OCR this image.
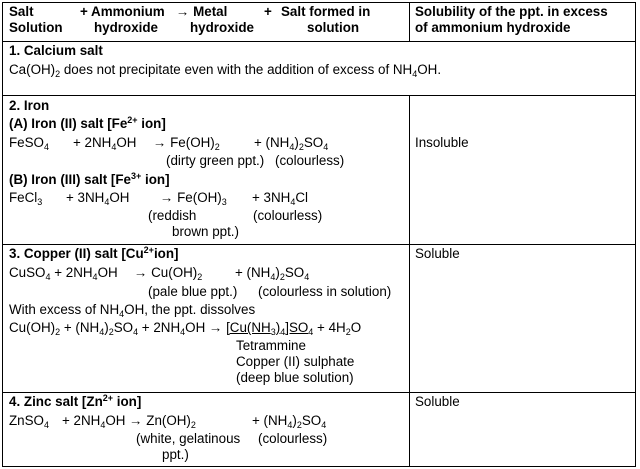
Salt
Solution
+ Ammonium
hydroxide
→ Metal
hydroxide
+ Salt formed in
solution
Solubility of the ppt. in excess
of ammonium hydroxide
1. Calcium salt
$Ca(OH)_2$ does not precipitate even with the addition of excess of $NH_4OH$.
2. Iron
(A) Iron (II) salt [$Fe^{2+}$ ion]
FeSO$_4$ + $2NH_4OH \to Fe(OH)_2$	+ $(NH_4)_2SO_4$
(dirty green ppt.) (colourless)
Insoluble
(B) Iron (III) salt [$Fe^{3+}$ ion]
FeCl$_3$ + $3NH_4OH \to Fe(OH)_3 + 3NH_4Cl$
(reddish
brown ppt.)
(colourless)
3. Copper (II) salt $[Cu^{2+}ion]$
CuSO$_4$ + $2NH_4OH \to Cu(OH)_2 + (NH_4)_2SO_4$
(pale blue ppt.) (colourless in solution)
With excess of $NH_4OH$, the ppt. dissolves
$Cu(OH)_2 + (NH_4)_2SO_4 + 2NH_4OH \to [Cu(NH_3)_4]SO_4 + 4H_2O$
Tetrammine
Copper (II) sulphate
(deep blue solution)
Soluble
4. Zinc salt [$Zn^{2+}$ ion]
ZnSO$_4$ + $2NH_4OH \to Zn(OH)_2$	+ $(NH_4)_2SO_4$
(white, gelatinous
ppt.)
(colourless)
Soluble
